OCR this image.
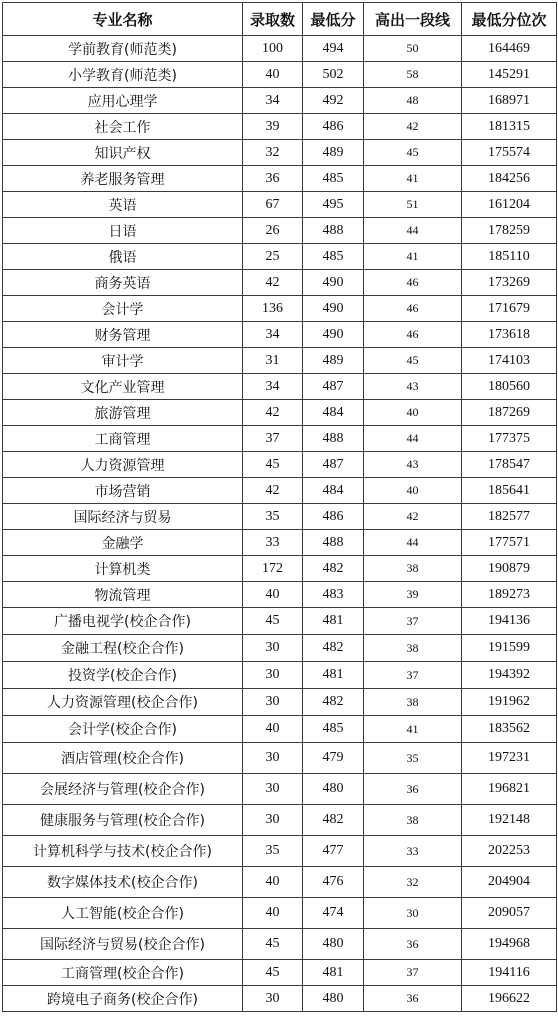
专业名称	录取数	最低分	高出一段线	最低分位次
学前教育(师范类)	100	494	50	164469
小学教育(师范类)	40	502	58	145291
应用心理学	34	492	48	168971
社会工作	39	486	42	181315
知识产权	32	489	45	175574
养老服务管理	36	485	41	184256
英语	67	495	51	161204
日语	26	488	44	178259
俄语	25	485	41	185110
商务英语	42	490	46	173269
会计学	136	490	46	171679
财务管理	34	490	46	173618
审计学	31	489	45	174103
文化产业管理	34	487	43	180560
旅游管理	42	484	40	187269
工商管理	37	488	44	177375
人力资源管理	45	487	43	178547
市场营销	42	484	40	185641
国际经济与贸易	35	486	42	182577
金融学	33	488	44	177571
计算机类	172	482	38	190879
物流管理	40	483	39	189273
广播电视学(校企合作)	45	481	37	194136
金融工程(校企合作)	30	482	38	191599
投资学(校企合作)	30	481	37	194392
人力资源管理(校企合作)	30	482	38	191962
会计学(校企合作)	40	485	41	183562
酒店管理(校企合作)	30	479	35	197231
会展经济与管理(校企合作)	30	480	36	196821
健康服务与管理(校企合作)	30	482	38	192148
计算机科学与技术(校企合作)	35	477	33	202253
数字媒体技术(校企合作)	40	476	32	204904
人工智能(校企合作)	40	474	30	209057
国际经济与贸易(校企合作)	45	480	36	194968
工商管理(校企合作)	45	481	37	194116
跨境电子商务(校企合作)	30	480	36	196622
